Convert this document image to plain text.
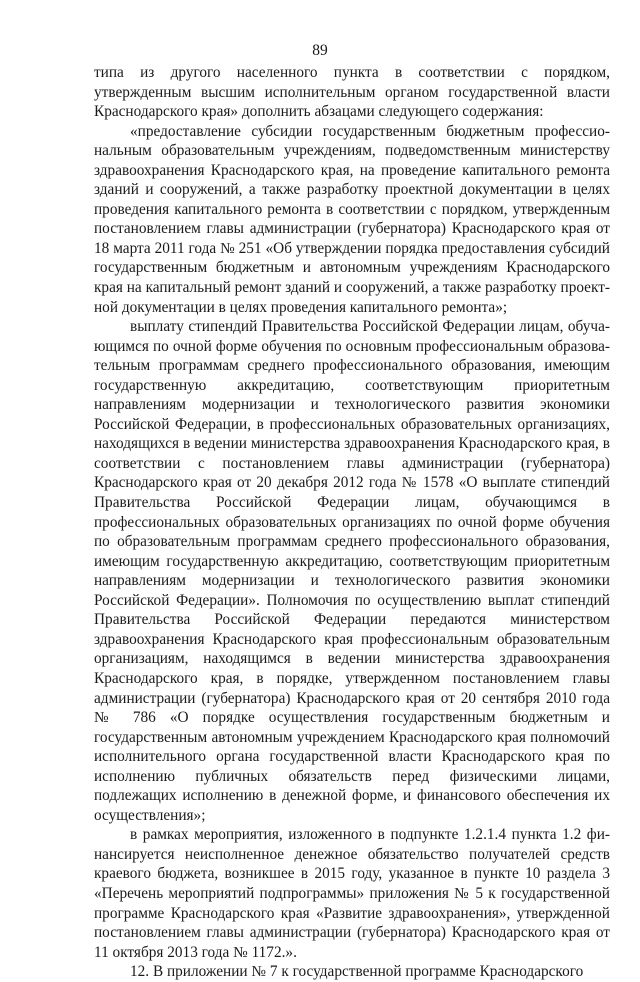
89

типа из другого населенного пункта в соответствии с порядком, утвержденным высшим исполнительным органом государственной власти Краснодарского края» дополнить абзацами следующего содержания:

«предоставление субсидии государственным бюджетным профессиональным образовательным учреждениям, подведомственным министерству здравоохранения Краснодарского края, на проведение капитального ремонта зданий и сооружений, а также разработку проектной документации в целях проведения капитального ремонта в соответствии с порядком, утвержденным постановлением главы администрации (губернатора) Краснодарского края от 18 марта 2011 года № 251 «Об утверждении порядка предоставления субсидий государственным бюджетным и автономным учреждениям Краснодарского края на капитальный ремонт зданий и сооружений, а также разработку проектной документации в целях проведения капитального ремонта»;

выплату стипендий Правительства Российской Федерации лицам, обучающимся по очной форме обучения по основным профессиональным образовательным программам среднего профессионального образования, имеющим государственную аккредитацию, соответствующим приоритетным направлениям модернизации и технологического развития экономики Российской Федерации, в профессиональных образовательных организациях, находящихся в ведении министерства здравоохранения Краснодарского края, в соответствии с постановлением главы администрации (губернатора) Краснодарского края от 20 декабря 2012 года № 1578 «О выплате стипендий Правительства Российской Федерации лицам, обучающимся в профессиональных образовательных организациях по очной форме обучения по образовательным программам среднего профессионального образования, имеющим государственную аккредитацию, соответствующим приоритетным направлениям модернизации и технологического развития экономики Российской Федерации». Полномочия по осуществлению выплат стипендий Правительства Российской Федерации передаются министерством здравоохранения Краснодарского края профессиональным образовательным организациям, находящимся в ведении министерства здравоохранения Краснодарского края, в порядке, утвержденном постановлением главы администрации (губернатора) Краснодарского края от 20 сентября 2010 года № 786 «О порядке осуществления государственным бюджетным и государственным автономным учреждением Краснодарского края полномочий исполнительного органа государственной власти Краснодарского края по исполнению публичных обязательств перед физическими лицами, подлежащих исполнению в денежной форме, и финансового обеспечения их осуществления»;

в рамках мероприятия, изложенного в подпункте 1.2.1.4 пункта 1.2 финансируется неисполненное денежное обязательство получателей средств краевого бюджета, возникшее в 2015 году, указанное в пункте 10 раздела 3 «Перечень мероприятий подпрограммы» приложения № 5 к государственной программе Краснодарского края «Развитие здравоохранения», утвержденной постановлением главы администрации (губернатора) Краснодарского края от 11 октября 2013 года № 1172.».

12. В приложении № 7 к государственной программе Краснодарского
